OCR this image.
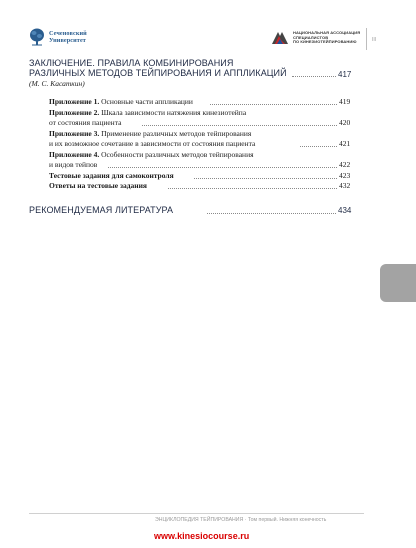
Сеченовский
Университет
НАЦИОНАЛЬНАЯ АССОЦИАЦИЯ
СПЕЦИАЛИСТОВ
ПО КИНЕЗИОТЕЙПИРОВАНИЮ	III
ЗАКЛЮЧЕНИЕ. ПРАВИЛА КОМБИНИРОВАНИЯ
РАЗЛИЧНЫХ МЕТОДОВ ТЕЙПИРОВАНИЯ И АППЛИКАЦИЙ	417
(М. С. Касаткин)
Приложение 1. Основные части аппликации	419
Приложение 2. Шкала зависимости натяжения кинезиотейпа
от состояния пациента	420
Приложение 3. Применение различных методов тейпирования
и их возможное сочетание в зависимости от состояния пациента	421
Приложение 4. Особенности различных методов тейпирования
и видов тейпов	422
Тестовые задания для самоконтроля	423
Ответы на тестовые задания	432
РЕКОМЕНДУЕМАЯ ЛИТЕРАТУРА	434
ЭНЦИКЛОПЕДИЯ ТЕЙПИРОВАНИЯ · Том первый. Нижняя конечность
www.kinesiocourse.ru
